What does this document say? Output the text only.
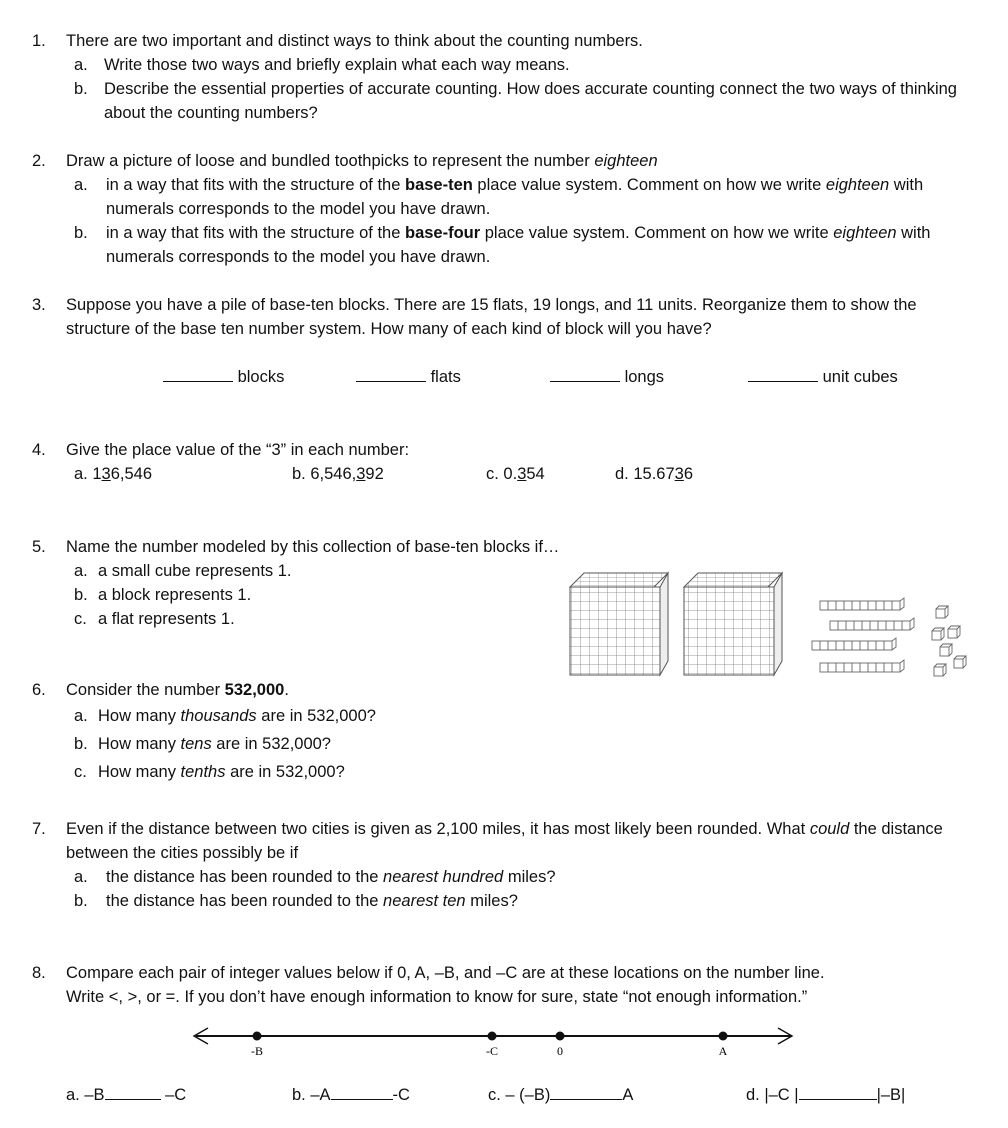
1. There are two important and distinct ways to think about the counting numbers.
a. Write those two ways and briefly explain what each way means.
b. Describe the essential properties of accurate counting. How does accurate counting connect the two ways of thinking about the counting numbers?
2. Draw a picture of loose and bundled toothpicks to represent the number eighteen
a. in a way that fits with the structure of the base-ten place value system. Comment on how we write eighteen with numerals corresponds to the model you have drawn.
b. in a way that fits with the structure of the base-four place value system. Comment on how we write eighteen with numerals corresponds to the model you have drawn.
3. Suppose you have a pile of base-ten blocks. There are 15 flats, 19 longs, and 11 units. Reorganize them to show the structure of the base ten number system. How many of each kind of block will you have?
blocks	flats	longs	unit cubes
4. Give the place value of the “3” in each number:
a. 136,546	b. 6,546,392	c. 0.354	d. 15.6736
5. Name the number modeled by this collection of base-ten blocks if…
a. a small cube represents 1.
b. a block represents 1.
c. a flat represents 1.
6. Consider the number 532,000.
a. How many thousands are in 532,000?
b. How many tens are in 532,000?
c. How many tenths are in 532,000?
7. Even if the distance between two cities is given as 2,100 miles, it has most likely been rounded. What could the distance between the cities possibly be if
a. the distance has been rounded to the nearest hundred miles?
b. the distance has been rounded to the nearest ten miles?
8. Compare each pair of integer values below if 0, A, –B, and –C are at these locations on the number line.
Write <, >, or =. If you don’t have enough information to know for sure, state “not enough information.”
-B	-C	0	A
a. –B	–C	b. –A	-C	c. – (–B)	A	d. |–C |	|–B|
